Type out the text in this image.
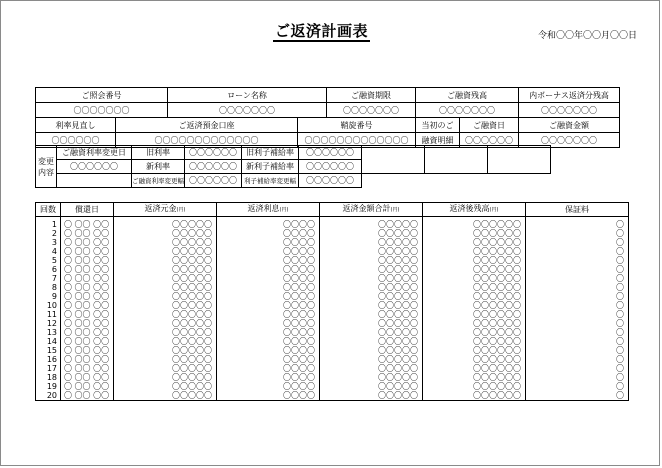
ご返済計画表	令和〇〇年〇〇月〇〇日
ご照会番号		ローン名称		ご融資期限	ご融資残高		内ボーナス返済分残高
〇〇〇〇〇〇〇		〇〇〇〇〇〇〇		〇〇〇〇〇〇〇	〇〇〇〇〇〇〇		〇〇〇〇〇〇〇
利率見直し	ご返済預金口座		鞘旋番号		当初のご	ご融資日	ご融資金額
〇〇〇〇〇〇	〇〇〇〇〇〇〇〇〇〇〇〇〇		〇〇〇〇〇〇〇〇〇〇〇〇〇		融資明細	〇〇〇〇〇〇	〇〇〇〇〇〇〇
変更
内容	ご融資利率変更日	旧利率	〇〇〇〇〇〇	旧利子補給率	〇〇〇〇〇〇			
	〇〇〇〇〇〇	新利率	〇〇〇〇〇〇	新利子補給率	〇〇〇〇〇〇			
		ご融資利率変更幅	〇〇〇〇〇〇	利子補給率変更幅	〇〇〇〇〇〇			
回数	償還日	返済元金(円)	返済利息(円)	返済金額合計(円)	返済後残高(円)	保証料
1	〇 〇〇 〇〇	〇〇〇〇〇	〇〇〇〇	〇〇〇〇〇	〇〇〇〇〇〇	〇
2	〇 〇〇 〇〇	〇〇〇〇〇	〇〇〇〇	〇〇〇〇〇	〇〇〇〇〇〇	〇
3	〇 〇〇 〇〇	〇〇〇〇〇	〇〇〇〇	〇〇〇〇〇	〇〇〇〇〇〇	〇
4	〇 〇〇 〇〇	〇〇〇〇〇	〇〇〇〇	〇〇〇〇〇	〇〇〇〇〇〇	〇
5	〇 〇〇 〇〇	〇〇〇〇〇	〇〇〇〇	〇〇〇〇〇	〇〇〇〇〇〇	〇
6	〇 〇〇 〇〇	〇〇〇〇〇	〇〇〇〇	〇〇〇〇〇	〇〇〇〇〇〇	〇
7	〇 〇〇 〇〇	〇〇〇〇〇	〇〇〇〇	〇〇〇〇〇	〇〇〇〇〇〇	〇
8	〇 〇〇 〇〇	〇〇〇〇〇	〇〇〇〇	〇〇〇〇〇	〇〇〇〇〇〇	〇
9	〇 〇〇 〇〇	〇〇〇〇〇	〇〇〇〇	〇〇〇〇〇	〇〇〇〇〇〇	〇
10	〇 〇〇 〇〇	〇〇〇〇〇	〇〇〇〇	〇〇〇〇〇	〇〇〇〇〇〇	〇
11	〇 〇〇 〇〇	〇〇〇〇〇	〇〇〇〇	〇〇〇〇〇	〇〇〇〇〇〇	〇
12	〇 〇〇 〇〇	〇〇〇〇〇	〇〇〇〇	〇〇〇〇〇	〇〇〇〇〇〇	〇
13	〇 〇〇 〇〇	〇〇〇〇〇	〇〇〇〇	〇〇〇〇〇	〇〇〇〇〇〇	〇
14	〇 〇〇 〇〇	〇〇〇〇〇	〇〇〇〇	〇〇〇〇〇	〇〇〇〇〇〇	〇
15	〇 〇〇 〇〇	〇〇〇〇〇	〇〇〇〇	〇〇〇〇〇	〇〇〇〇〇〇	〇
16	〇 〇〇 〇〇	〇〇〇〇〇	〇〇〇〇	〇〇〇〇〇	〇〇〇〇〇〇	〇
17	〇 〇〇 〇〇	〇〇〇〇〇	〇〇〇〇	〇〇〇〇〇	〇〇〇〇〇〇	〇
18	〇 〇〇 〇〇	〇〇〇〇〇	〇〇〇〇	〇〇〇〇〇	〇〇〇〇〇〇	〇
19	〇 〇〇 〇〇	〇〇〇〇〇	〇〇〇〇	〇〇〇〇〇	〇〇〇〇〇〇	〇
20	〇 〇〇 〇〇	〇〇〇〇〇	〇〇〇〇	〇〇〇〇〇	〇〇〇〇〇〇	〇
